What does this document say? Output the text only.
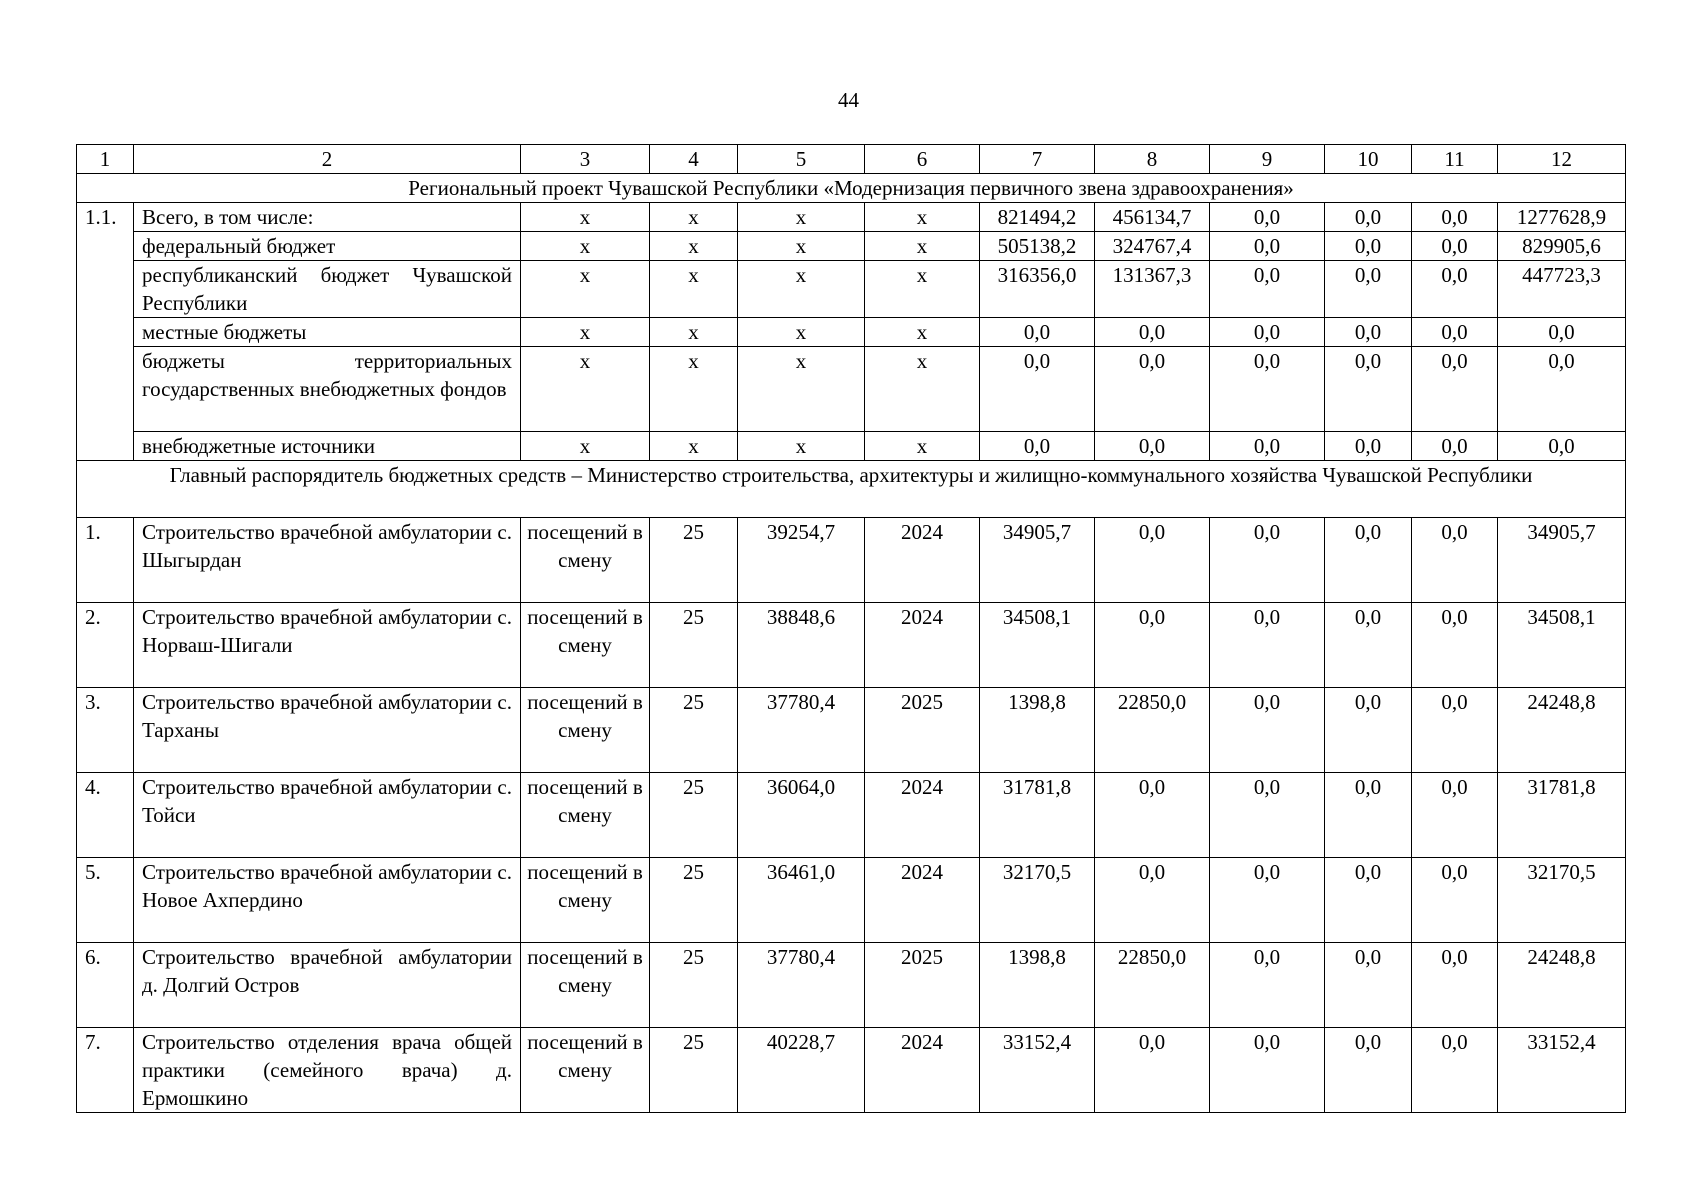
44
1	2	3	4	5	6	7	8	9	10	11	12
Региональный проект Чувашской Республики «Модернизация первичного звена здравоохранения»											
1.1.	Всего, в том числе:	х	х	х	х	821494,2	456134,7	0,0	0,0	0,0	1277628,9
	федеральный бюджет	х	х	х	х	505138,2	324767,4	0,0	0,0	0,0	829905,6
	республиканский бюджет Чувашской Республики	х	х	х	х	316356,0	131367,3	0,0	0,0	0,0	447723,3
	местные бюджеты	х	х	х	х	0,0	0,0	0,0	0,0	0,0	0,0
	бюджеты территориальных государственных внебюджетных фондов	х	х	х	х	0,0	0,0	0,0	0,0	0,0	0,0
	внебюджетные источники	х	х	х	х	0,0	0,0	0,0	0,0	0,0	0,0
Главный распорядитель бюджетных средств – Министерство строительства, архитектуры и жилищно-коммунального хозяйства Чувашской Республики											
1.	Строительство врачебной амбулатории с. Шыгырдан	посещений в смену	25	39254,7	2024	34905,7	0,0	0,0	0,0	0,0	34905,7
2.	Строительство врачебной амбулатории с. Норваш-Шигали	посещений в смену	25	38848,6	2024	34508,1	0,0	0,0	0,0	0,0	34508,1
3.	Строительство врачебной амбулатории с. Тарханы	посещений в смену	25	37780,4	2025	1398,8	22850,0	0,0	0,0	0,0	24248,8
4.	Строительство врачебной амбулатории с. Тойси	посещений в смену	25	36064,0	2024	31781,8	0,0	0,0	0,0	0,0	31781,8
5.	Строительство врачебной амбулатории с. Новое Ахпердино	посещений в смену	25	36461,0	2024	32170,5	0,0	0,0	0,0	0,0	32170,5
6.	Строительство врачебной амбулатории д. Долгий Остров	посещений в смену	25	37780,4	2025	1398,8	22850,0	0,0	0,0	0,0	24248,8
7.	Строительство отделения врача общей практики (семейного врача) д. Ермошкино	посещений в смену	25	40228,7	2024	33152,4	0,0	0,0	0,0	0,0	33152,4
